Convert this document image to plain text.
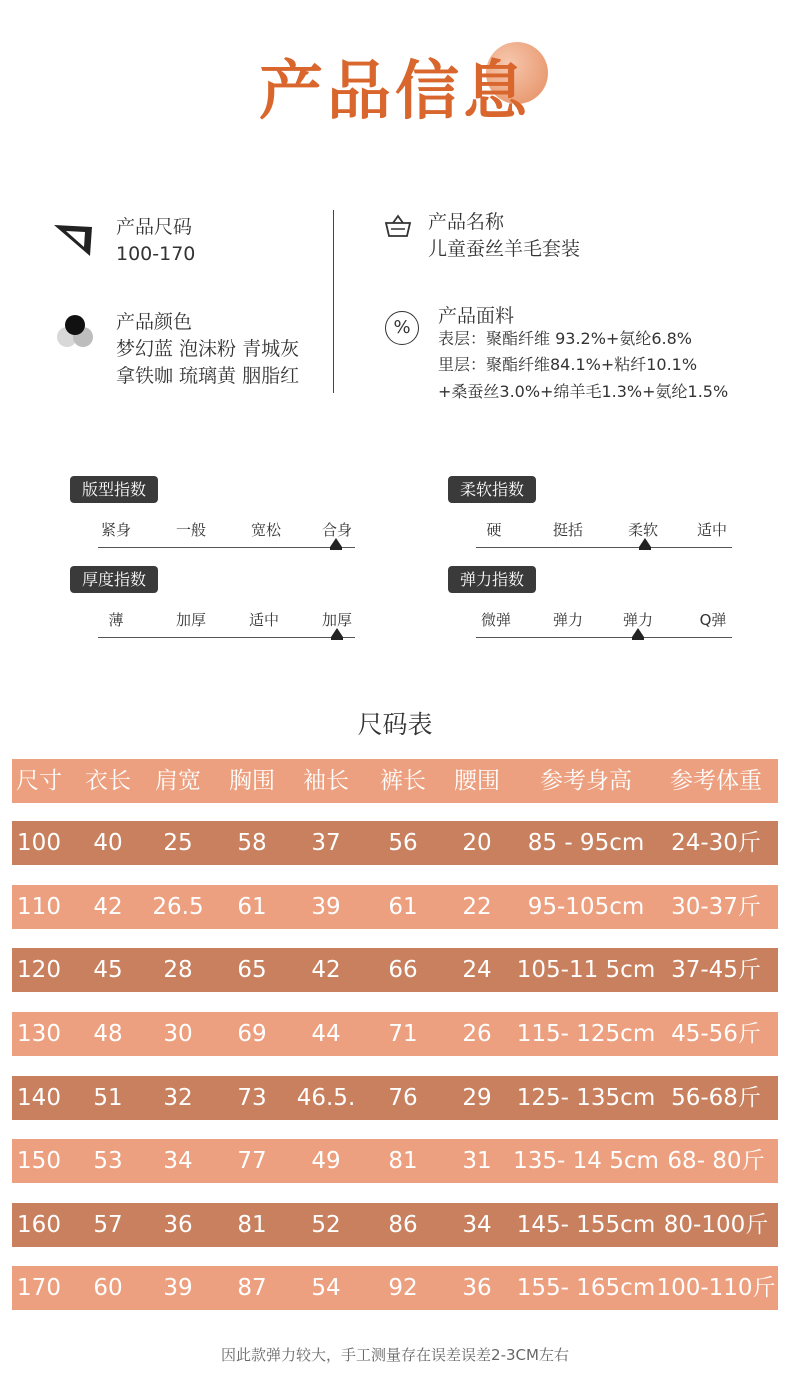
产品信息
产品尺码
100-170
产品颜色
梦幻蓝 泡沫粉 青城灰
拿铁咖 琉璃黄 胭脂红
产品名称
儿童蚕丝羊毛套装
%
产品面料
表层：聚酯纤维 93.2%+氨纶6.8%
里层：聚酯纤维84.1%+粘纤10.1%
+桑蚕丝3.0%+绵羊毛1.3%+氨纶1.5%
版型指数
紧身	一般	宽松	合身
柔软指数
硬	挺括	柔软	适中
厚度指数
薄	加厚	适中	加厚
弹力指数
微弹	弹力	弹力	Q弹
尺码表
尺寸 衣长 肩宽 胸围 袖长 裤长 腰围 参考身高 参考体重
100 40 25 58 37 56 20 85 - 95cm 24-30斤
110 42 26.5 61 39 61 22 95-105cm 30-37斤
120 45 28 65 42 66 24 105-11 5cm 37-45斤
130 48 30 69 44 71 26 115- 125cm 45-56斤
140 51 32 73 46.5. 76 29 125- 135cm 56-68斤
150 53 34 77 49 81 31 135- 14 5cm 68- 80斤
160 57 36 81 52 86 34 145- 155cm 80-100斤
170 60 39 87 54 92 36 155- 165cm 100-110斤
因此款弹力较大，手工测量存在误差误差2-3CM左右
